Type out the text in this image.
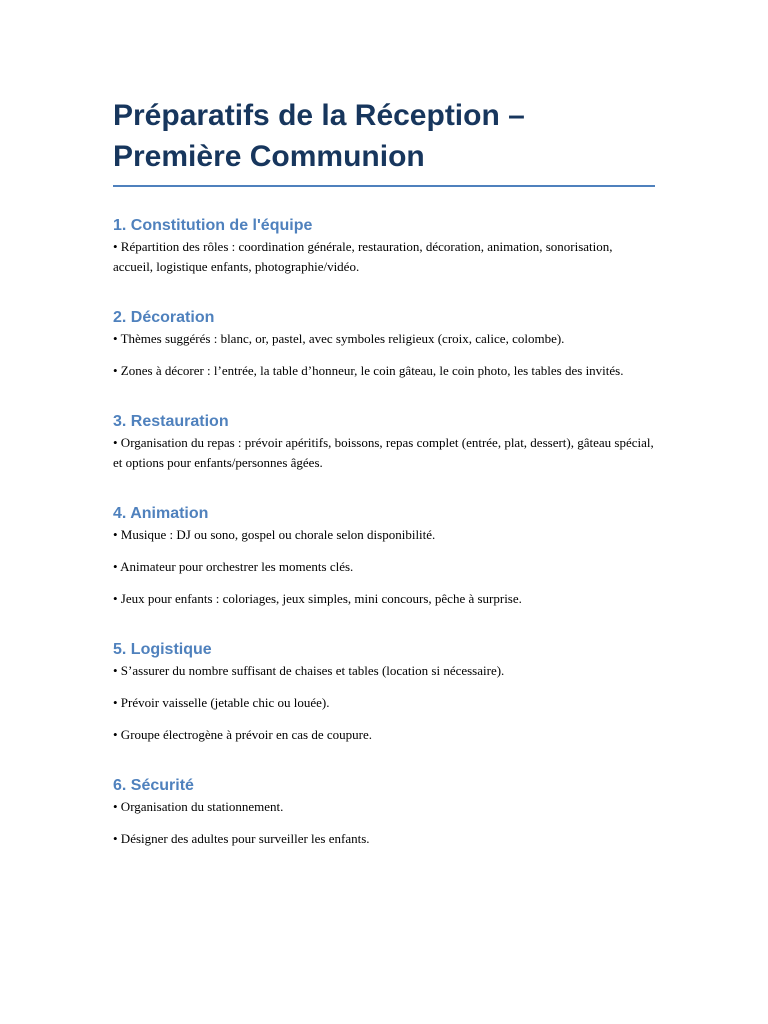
Préparatifs de la Réception – Première Communion
1. Constitution de l'équipe

• Répartition des rôles : coordination générale, restauration, décoration, animation, sonorisation, accueil, logistique enfants, photographie/vidéo.

2. Décoration

• Thèmes suggérés : blanc, or, pastel, avec symboles religieux (croix, calice, colombe).

• Zones à décorer : l’entrée, la table d’honneur, le coin gâteau, le coin photo, les tables des invités.

3. Restauration

• Organisation du repas : prévoir apéritifs, boissons, repas complet (entrée, plat, dessert), gâteau spécial, et options pour enfants/personnes âgées.

4. Animation

• Musique : DJ ou sono, gospel ou chorale selon disponibilité.

• Animateur pour orchestrer les moments clés.

• Jeux pour enfants : coloriages, jeux simples, mini concours, pêche à surprise.

5. Logistique

• S’assurer du nombre suffisant de chaises et tables (location si nécessaire).

• Prévoir vaisselle (jetable chic ou louée).

• Groupe électrogène à prévoir en cas de coupure.

6. Sécurité

• Organisation du stationnement.

• Désigner des adultes pour surveiller les enfants.
